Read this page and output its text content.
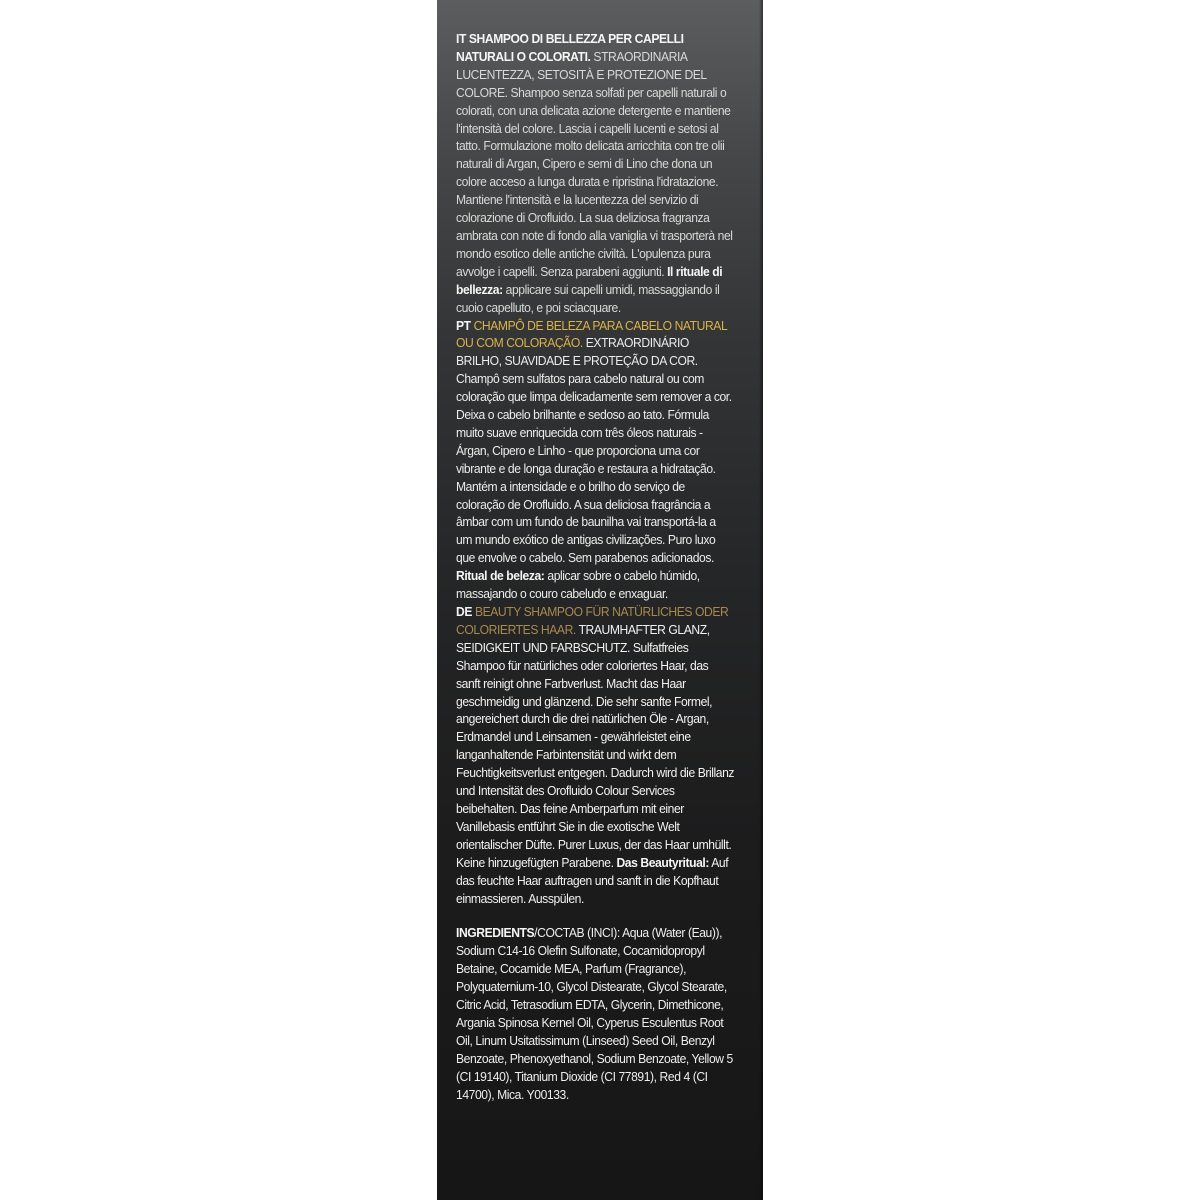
IT SHAMPOO DI BELLEZZA PER CAPELLI NATURALI O COLORATI. STRAORDINARIA LUCENTEZZA, SETOSITÀ E PROTEZIONE DEL COLORE. Shampoo senza solfati per capelli naturali o colorati, con una delicata azione detergente e mantiene l'intensità del colore. Lascia i capelli lucenti e setosi al tatto. Formulazione molto delicata arricchita con tre olii naturali di Argan, Cipero e semi di Lino che dona un colore acceso a lunga durata e ripristina l'idratazione. Mantiene l'intensità e la lucentezza del servizio di colorazione di Orofluido. La sua deliziosa fragranza ambrata con note di fondo alla vaniglia vi trasporterà nel mondo esotico delle antiche civiltà. L'opulenza pura avvolge i capelli. Senza parabeni aggiunti. Il rituale di bellezza: applicare sui capelli umidi, massaggiando il cuoio capelluto, e poi sciacquare.

PT CHAMPÔ DE BELEZA PARA CABELO NATURAL OU COM COLORAÇÃO. EXTRAORDINÁRIO BRILHO, SUAVIDADE E PROTEÇÃO DA COR. Champô sem sulfatos para cabelo natural ou com coloração que limpa delicadamente sem remover a cor. Deixa o cabelo brilhante e sedoso ao tato. Fórmula muito suave enriquecida com três óleos naturais - Árgan, Cipero e Linho - que proporciona uma cor vibrante e de longa duração e restaura a hidratação. Mantém a intensidade e o brilho do serviço de coloração de Orofluido. A sua deliciosa fragrância a âmbar com um fundo de baunilha vai transportá-la a um mundo exótico de antigas civilizações. Puro luxo que envolve o cabelo. Sem parabenos adicionados. Ritual de beleza: aplicar sobre o cabelo húmido, massajando o couro cabeludo e enxaguar.

DE BEAUTY SHAMPOO FÜR NATÜRLICHES ODER COLORIERTES HAAR. TRAUMHAFTER GLANZ, SEIDIGKEIT UND FARBSCHUTZ. Sulfatfreies Shampoo für natürliches oder coloriertes Haar, das sanft reinigt ohne Farbverlust. Macht das Haar geschmeidig und glänzend. Die sehr sanfte Formel, angereichert durch die drei natürlichen Öle - Argan, Erdmandel und Leinsamen - gewährleistet eine langanhaltende Farbintensität und wirkt dem Feuchtigkeitsverlust entgegen. Dadurch wird die Brillanz und Intensität des Orofluido Colour Services beibehalten. Das feine Amberparfum mit einer Vanillebasis entführt Sie in die exotische Welt orientalischer Düfte. Purer Luxus, der das Haar umhüllt. Keine hinzugefügten Parabene. Das Beautyritual: Auf das feuchte Haar auftragen und sanft in die Kopfhaut einmassieren. Ausspülen.

INGREDIENTS/COCTAB (INCI): Aqua (Water (Eau)), Sodium C14-16 Olefin Sulfonate, Cocamidopropyl Betaine, Cocamide MEA, Parfum (Fragrance), Polyquaternium-10, Glycol Distearate, Glycol Stearate, Citric Acid, Tetrasodium EDTA, Glycerin, Dimethicone, Argania Spinosa Kernel Oil, Cyperus Esculentus Root Oil, Linum Usitatissimum (Linseed) Seed Oil, Benzyl Benzoate, Phenoxyethanol, Sodium Benzoate, Yellow 5 (CI 19140), Titanium Dioxide (CI 77891), Red 4 (CI 14700), Mica. Y00133.
